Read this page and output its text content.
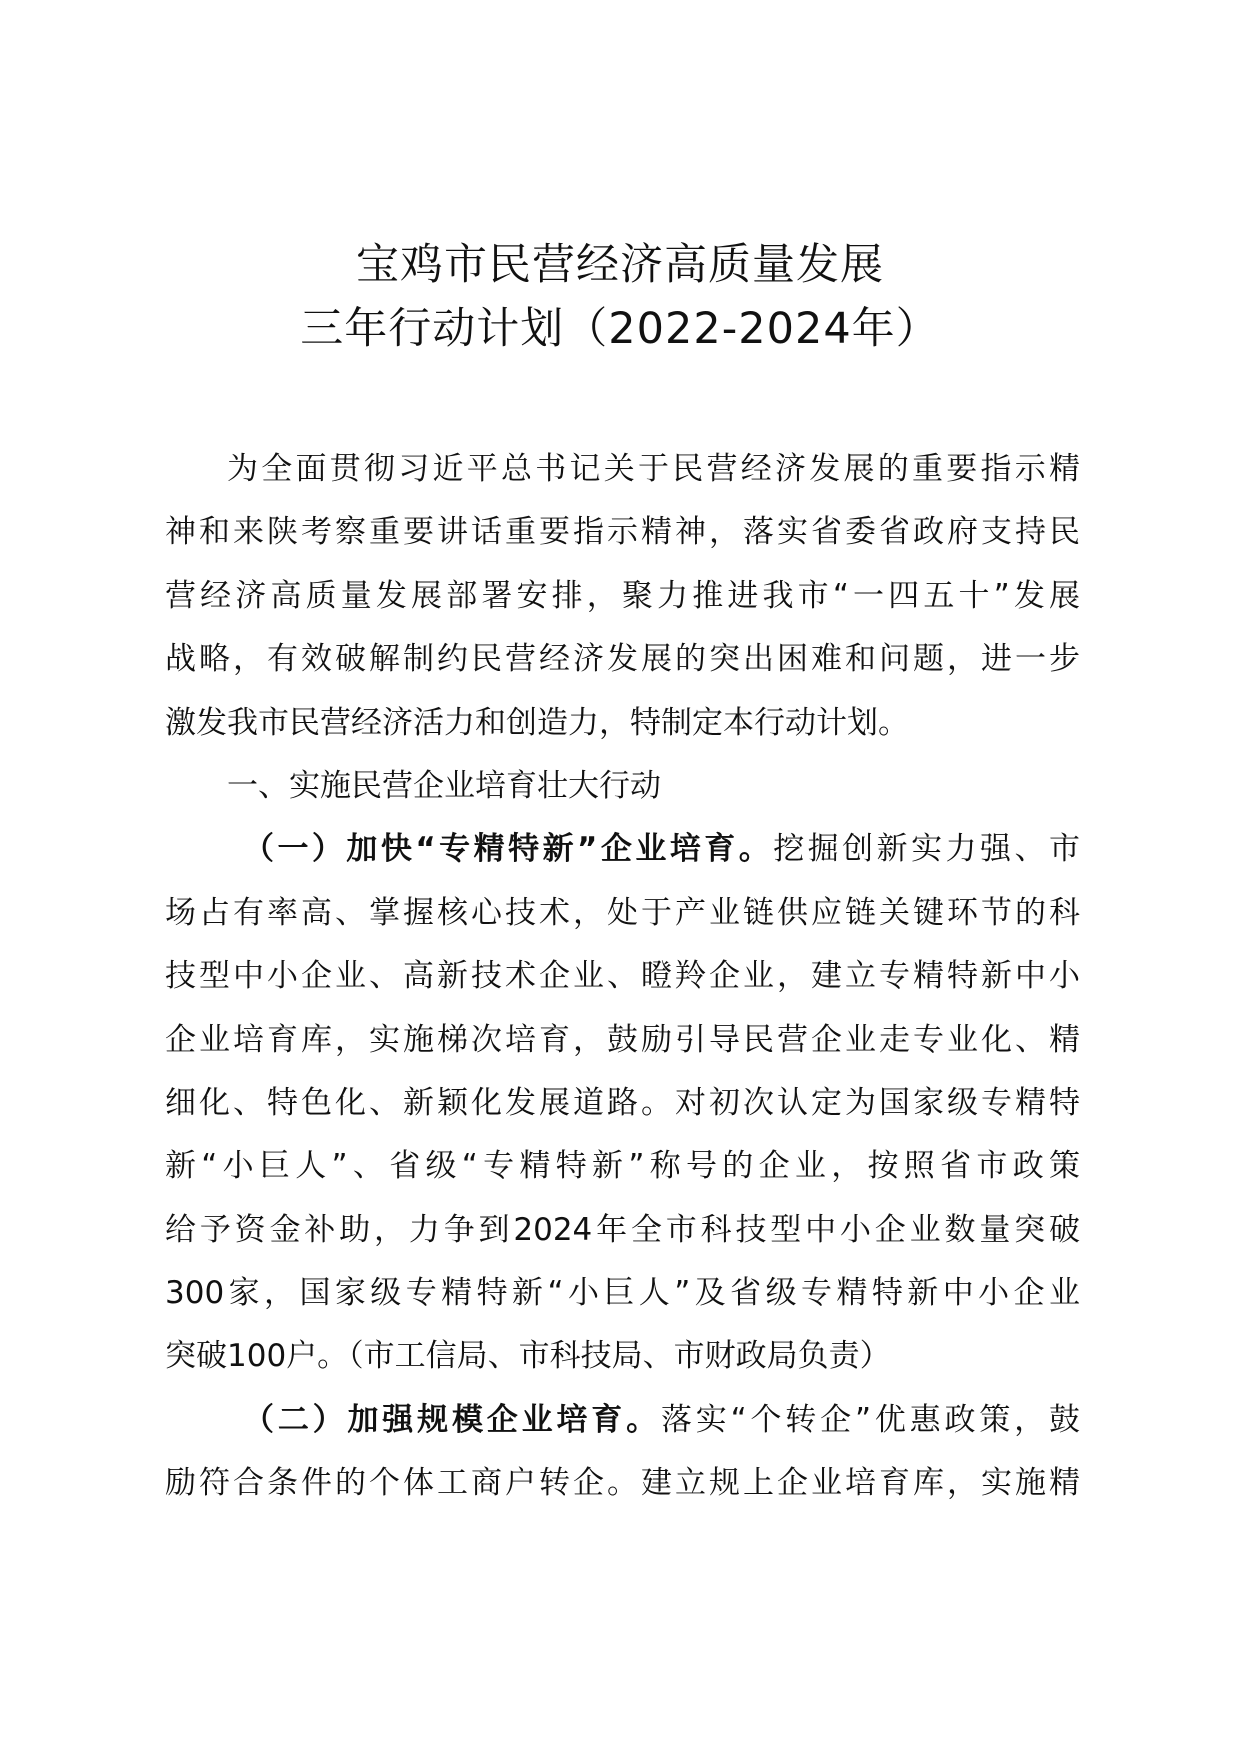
宝鸡市民营经济高质量发展
三年行动计划（2022-2024年）
为全面贯彻习近平总书记关于民营经济发展的重要指示精
神和来陕考察重要讲话重要指示精神，落实省委省政府支持民
营经济高质量发展部署安排，聚力推进我市“一四五十”发展
战略，有效破解制约民营经济发展的突出困难和问题，进一步
激发我市民营经济活力和创造力，特制定本行动计划。
一、实施民营企业培育壮大行动
（一）加快“专精特新”企业培育。挖掘创新实力强、市
场占有率高、掌握核心技术，处于产业链供应链关键环节的科
技型中小企业、高新技术企业、瞪羚企业，建立专精特新中小
企业培育库，实施梯次培育，鼓励引导民营企业走专业化、精
细化、特色化、新颖化发展道路。对初次认定为国家级专精特
新“小巨人”、省级“专精特新”称号的企业，按照省市政策
给予资金补助，力争到2024年全市科技型中小企业数量突破
300家，国家级专精特新“小巨人”及省级专精特新中小企业
突破100户。（市工信局、市科技局、市财政局负责）
（二）加强规模企业培育。落实“个转企”优惠政策，鼓
励符合条件的个体工商户转企。建立规上企业培育库，实施精
